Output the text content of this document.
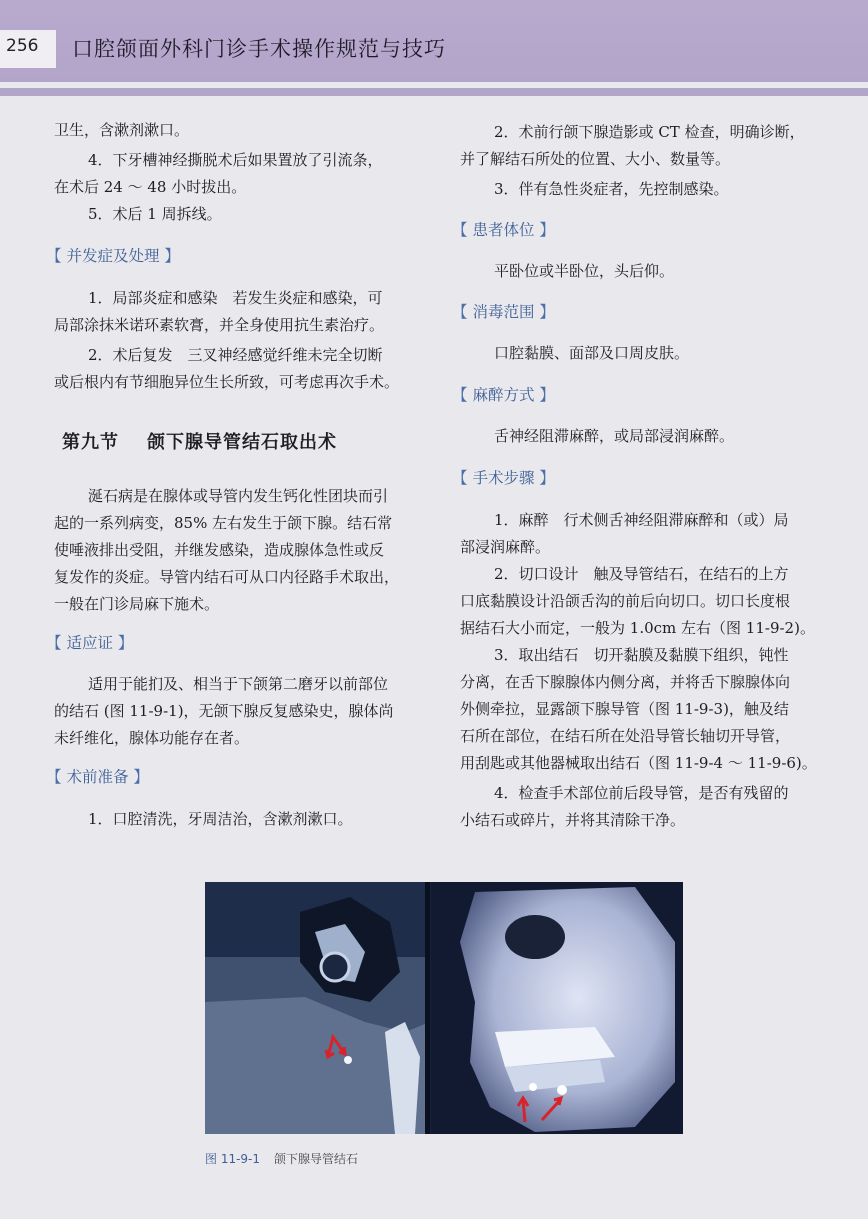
256 口腔颌面外科门诊手术操作规范与技巧

卫生，含漱剂漱口。

4．下牙槽神经撕脱术后如果置放了引流条，

在术后 24 ～ 48 小时拔出。

5．术后 1 周拆线。

【 并发症及处理 】

1．局部炎症和感染　若发生炎症和感染，可

局部涂抹米诺环素软膏，并全身使用抗生素治疗。

2．术后复发　三叉神经感觉纤维未完全切断

或后根内有节细胞异位生长所致，可考虑再次手术。

第九节 颌下腺导管结石取出术

涎石病是在腺体或导管内发生钙化性团块而引

起的一系列病变，85% 左右发生于颌下腺。结石常

使唾液排出受阻，并继发感染，造成腺体急性或反

复发作的炎症。导管内结石可从口内径路手术取出，

一般在门诊局麻下施术。

【 适应证 】

适用于能扪及、相当于下颌第二磨牙以前部位

的结石 (图 11-9-1)，无颌下腺反复感染史，腺体尚

未纤维化，腺体功能存在者。

【 术前准备 】

1．口腔清洗，牙周洁治，含漱剂漱口。

2．术前行颌下腺造影或 CT 检查，明确诊断，

并了解结石所处的位置、大小、数量等。

3．伴有急性炎症者，先控制感染。

【 患者体位 】

平卧位或半卧位，头后仰。

【 消毒范围 】

口腔黏膜、面部及口周皮肤。

【 麻醉方式 】

舌神经阻滞麻醉，或局部浸润麻醉。

【 手术步骤 】

1．麻醉　行术侧舌神经阻滞麻醉和（或）局

部浸润麻醉。

2．切口设计　触及导管结石，在结石的上方

口底黏膜设计沿颌舌沟的前后向切口。切口长度根

据结石大小而定，一般为 1.0cm 左右（图 11-9-2)。

3．取出结石　切开黏膜及黏膜下组织，钝性

分离，在舌下腺腺体内侧分离，并将舌下腺腺体向

外侧牵拉，显露颌下腺导管（图 11-9-3)，触及结

石所在部位，在结石所在处沿导管长轴切开导管，

用刮匙或其他器械取出结石（图 11-9-4 ～ 11-9-6)。

4．检查手术部位前后段导管，是否有残留的

小结石或碎片，并将其清除干净。

图 11-9-1 颌下腺导管结石
